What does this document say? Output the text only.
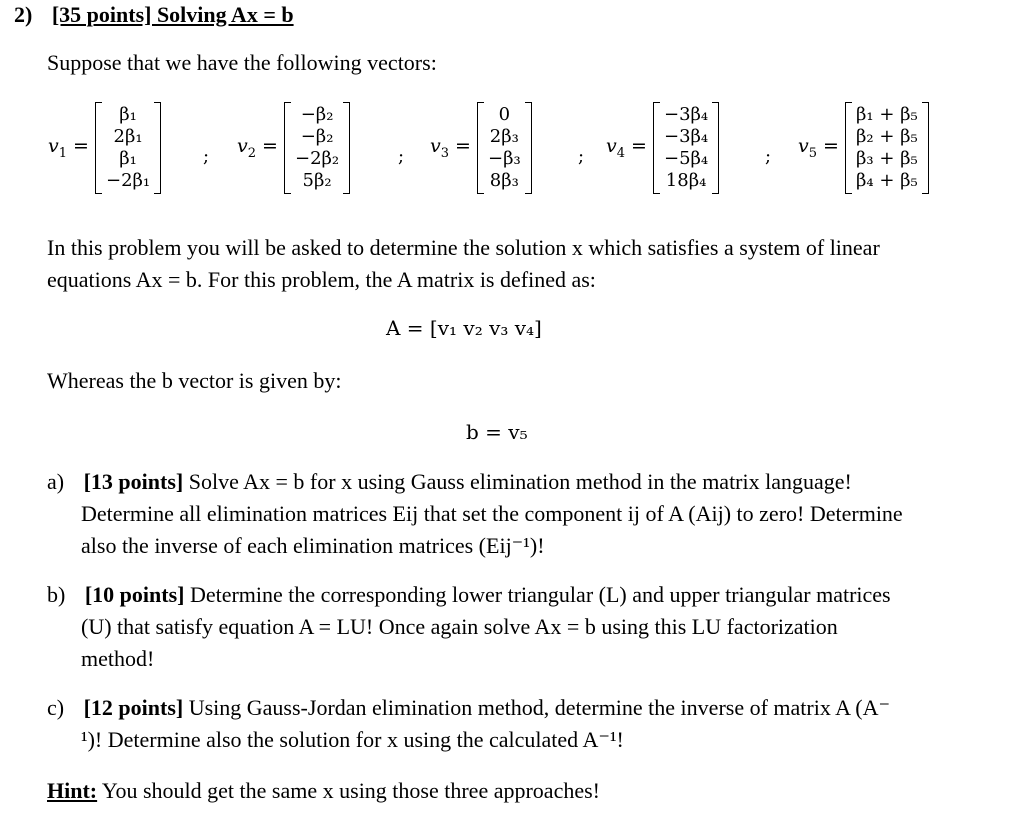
2) [35 points] Solving Ax = b
Suppose that we have the following vectors:
$v_1$ =
β₁
2β₁
β₁
−2β₁
; $v_2$ =
−β₂
−β₂
−2β₂
5β₂
; $v_3$ =
0
2β₃
−β₃
8β₃
; $v_4$ =
−3β₄
−3β₄
−5β₄
18β₄
; $v_5$ =
β₁ + β₅
β₂ + β₅
β₃ + β₅
β₄ + β₅
In this problem you will be asked to determine the solution x which satisfies a system of linear
equations Ax = b. For this problem, the A matrix is defined as:
A = [v₁ v₂ v₃ v₄]
Whereas the b vector is given by:
b = v₅
a) [13 points] Solve Ax = b for x using Gauss elimination method in the matrix language!
Determine all elimination matrices Eij that set the component ij of A (Aij) to zero! Determine
also the inverse of each elimination matrices (Eij⁻¹)!
b) [10 points] Determine the corresponding lower triangular (L) and upper triangular matrices
(U) that satisfy equation A = LU! Once again solve Ax = b using this LU factorization
method!
c) [12 points] Using Gauss-Jordan elimination method, determine the inverse of matrix A (A⁻
¹)! Determine also the solution for x using the calculated A⁻¹!
Hint: You should get the same x using those three approaches!
